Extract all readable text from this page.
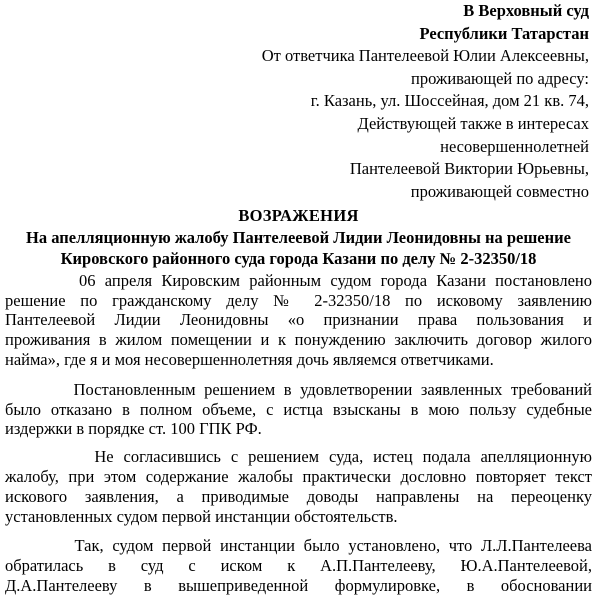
В Верховный суд
Республики Татарстан
От ответчика Пантелеевой Юлии Алексеевны,
проживающей по адресу:
г. Казань, ул. Шоссейная, дом 21 кв. 74,
Действующей также в интересах
несовершеннолетней
Пантелеевой Виктории Юрьевны,
проживающей совместно
ВОЗРАЖЕНИЯ
На апелляционную жалобу Пантелеевой Лидии Леонидовны на решение
Кировского районного суда города Казани по делу № 2-32350/18
06 апреля Кировским районным судом города Казани постановлено
решение по гражданскому делу № 2-32350/18 по исковому заявлению
Пантелеевой Лидии Леонидовны «о признании права пользования и
проживания в жилом помещении и к понуждению заключить договор жилого
найма», где я и моя несовершеннолетняя дочь являемся ответчиками.
Постановленным решением в удовлетворении заявленных требований
было отказано в полном объеме, с истца взысканы в мою пользу судебные
издержки в порядке ст. 100 ГПК РФ.
Не согласившись с решением суда, истец подала апелляционную
жалобу, при этом содержание жалобы практически дословно повторяет текст
искового заявления, а приводимые доводы направлены на переоценку
установленных судом первой инстанции обстоятельств.
Так, судом первой инстанции было установлено, что Л.Л.Пантелеева
обратилась в суд с иском к А.П.Пантелееву, Ю.А.Пантелеевой,
Д.А.Пантелееву в вышеприведенной формулировке, в обосновании
